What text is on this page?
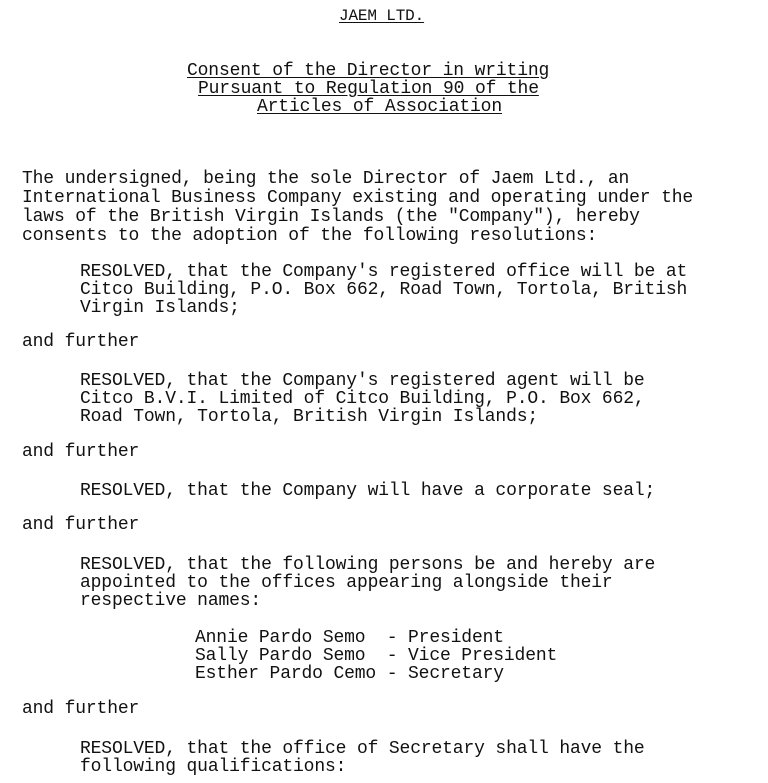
JAEM LTD.
Consent of the Director in writing
Pursuant to Regulation 90 of the
Articles of Association
The undersigned, being the sole Director of Jaem Ltd., an
International Business Company existing and operating under the
laws of the British Virgin Islands (the "Company"), hereby
consents to the adoption of the following resolutions:
RESOLVED, that the Company's registered office will be at
Citco Building, P.O. Box 662, Road Town, Tortola, British
Virgin Islands;
and further
RESOLVED, that the Company's registered agent will be
Citco B.V.I. Limited of Citco Building, P.O. Box 662,
Road Town, Tortola, British Virgin Islands;
and further
RESOLVED, that the Company will have a corporate seal;
and further
RESOLVED, that the following persons be and hereby are
appointed to the offices appearing alongside their
respective names:
Annie Pardo Semo  - President
Sally Pardo Semo  - Vice President
Esther Pardo Cemo - Secretary
and further
RESOLVED, that the office of Secretary shall have the
following qualifications:
